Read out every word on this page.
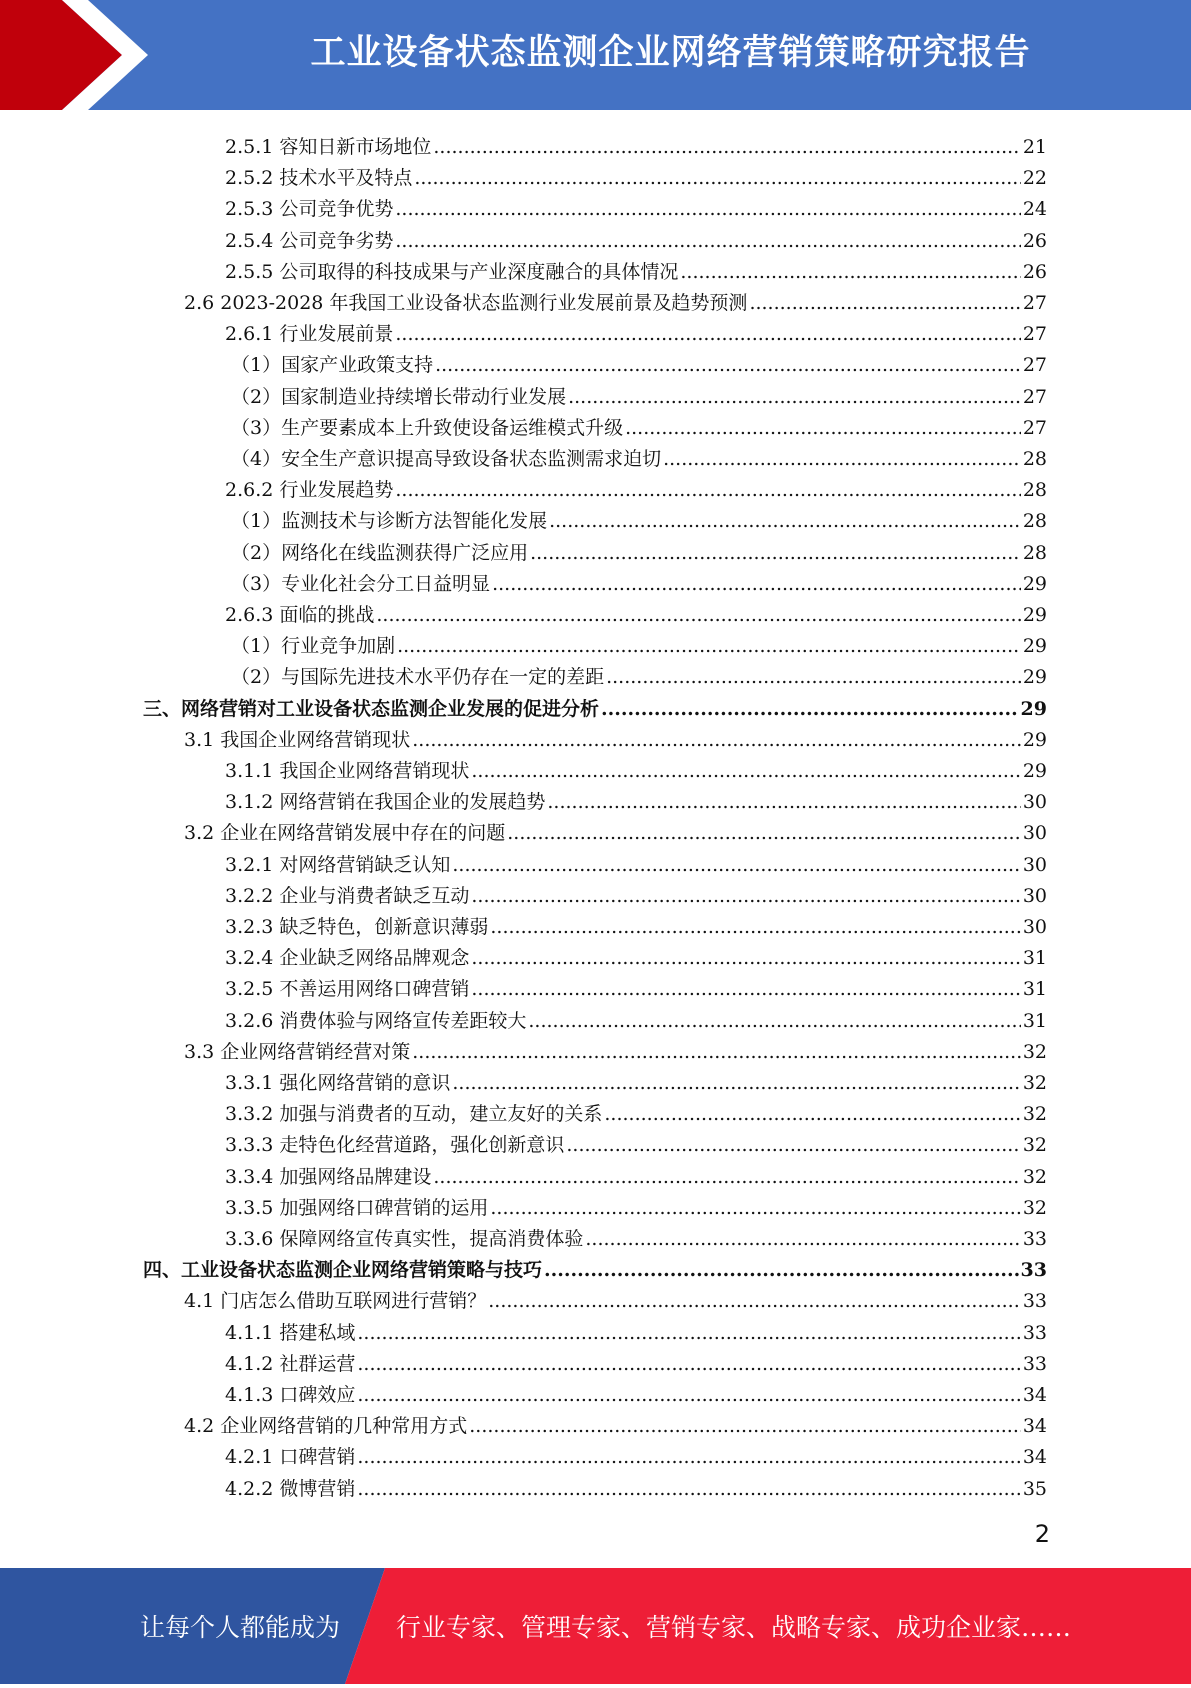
工业设备状态监测企业网络营销策略研究报告
2.5.1 容知日新市场地位 .....	21
2.5.2 技术水平及特点 .....	22
2.5.3 公司竞争优势 .....	24
2.5.4 公司竞争劣势 .....	26
2.5.5 公司取得的科技成果与产业深度融合的具体情况 .....	26
2.6 2023-2028 年我国工业设备状态监测行业发展前景及趋势预测 .....	27
2.6.1 行业发展前景 .....	27
（1）国家产业政策支持 .....	27
（2）国家制造业持续增长带动行业发展 .....	27
（3）生产要素成本上升致使设备运维模式升级 .....	27
（4）安全生产意识提高导致设备状态监测需求迫切 .....	28
2.6.2 行业发展趋势 .....	28
（1）监测技术与诊断方法智能化发展 .....	28
（2）网络化在线监测获得广泛应用 .....	28
（3）专业化社会分工日益明显 .....	29
2.6.3 面临的挑战 .....	29
（1）行业竞争加剧 .....	29
（2）与国际先进技术水平仍存在一定的差距 .....	29
三、网络营销对工业设备状态监测企业发展的促进分析 .....	29
3.1 我国企业网络营销现状 .....	29
3.1.1 我国企业网络营销现状 .....	29
3.1.2 网络营销在我国企业的发展趋势 .....	30
3.2 企业在网络营销发展中存在的问题 .....	30
3.2.1 对网络营销缺乏认知 .....	30
3.2.2 企业与消费者缺乏互动 .....	30
3.2.3 缺乏特色，创新意识薄弱 .....	30
3.2.4 企业缺乏网络品牌观念 .....	31
3.2.5 不善运用网络口碑营销 .....	31
3.2.6 消费体验与网络宣传差距较大 .....	31
3.3 企业网络营销经营对策 .....	32
3.3.1 强化网络营销的意识 .....	32
3.3.2 加强与消费者的互动，建立友好的关系 .....	32
3.3.3 走特色化经营道路，强化创新意识 .....	32
3.3.4 加强网络品牌建设 .....	32
3.3.5 加强网络口碑营销的运用 .....	32
3.3.6 保障网络宣传真实性，提高消费体验 .....	33
四、工业设备状态监测企业网络营销策略与技巧 .....	33
4.1 门店怎么借助互联网进行营销？ .....	33
4.1.1 搭建私域 .....	33
4.1.2 社群运营 .....	33
4.1.3 口碑效应 .....	34
4.2 企业网络营销的几种常用方式 .....	34
4.2.1 口碑营销 .....	34
4.2.2 微博营销 .....	35
2
让每个人都能成为 行业专家、管理专家、营销专家、战略专家、成功企业家……
